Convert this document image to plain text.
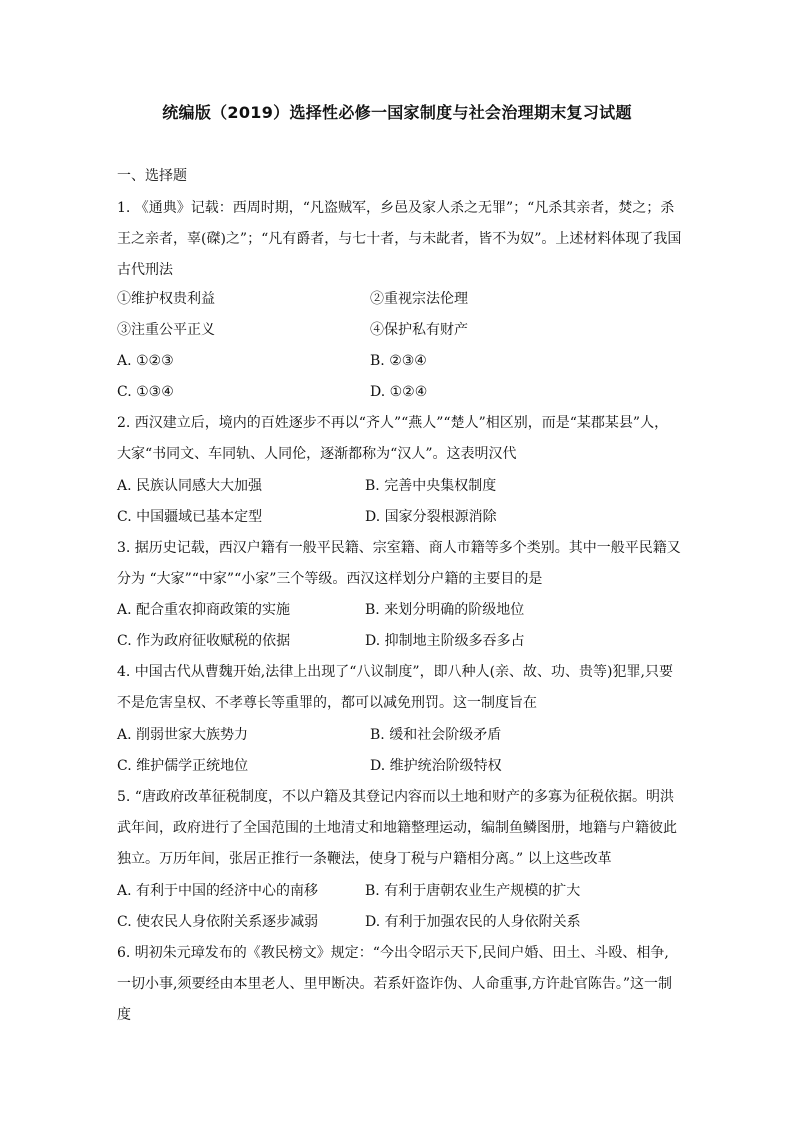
统编版（2019）选择性必修一国家制度与社会治理期末复习试题
一、选择题
1. 《通典》记载：西周时期，“凡盗贼军，乡邑及家人杀之无罪”；“凡杀其亲者，焚之；杀王之亲者，辜(磔)之”；“凡有爵者，与七十者，与未龀者，皆不为奴”。上述材料体现了我国古代刑法
①维护权贵利益	②重视宗法伦理
③注重公平正义	④保护私有财产
A. ①②③	B. ②③④
C. ①③④	D. ①②④
2. 西汉建立后，境内的百姓逐步不再以“齐人”“燕人”“楚人”相区别，而是“某郡某县”人，大家“书同文、车同轨、人同伦，逐渐都称为“汉人”。这表明汉代
A. 民族认同感大大加强	B. 完善中央集权制度
C. 中国疆域已基本定型	D. 国家分裂根源消除
3. 据历史记载，西汉户籍有一般平民籍、宗室籍、商人市籍等多个类别。其中一般平民籍又分为 “大家”“中家”“小家”三个等级。西汉这样划分户籍的主要目的是
A. 配合重农抑商政策的实施	B. 来划分明确的阶级地位
C. 作为政府征收赋税的依据	D. 抑制地主阶级多吞多占
4. 中国古代从曹魏开始,法律上出现了“八议制度”，即八种人(亲、故、功、贵等)犯罪,只要不是危害皇权、不孝尊长等重罪的，都可以减免刑罚。这一制度旨在
A. 削弱世家大族势力	B. 缓和社会阶级矛盾
C. 维护儒学正统地位	D. 维护统治阶级特权
5. “唐政府改革征税制度，不以户籍及其登记内容而以土地和财产的多寡为征税依据。明洪武年间，政府进行了全国范围的土地清丈和地籍整理运动，编制鱼鳞图册，地籍与户籍彼此独立。万历年间，张居正推行一条鞭法，使身丁税与户籍相分离。” 以上这些改革
A. 有利于中国的经济中心的南移	B. 有利于唐朝农业生产规模的扩大
C. 使农民人身依附关系逐步减弱	D. 有利于加强农民的人身依附关系
6. 明初朱元璋发布的《教民榜文》规定：“今出令昭示天下,民间户婚、田土、斗殴、相争,一切小事,须要经由本里老人、里甲断决。若系奸盗诈伪、人命重事,方许赴官陈告。”这一制度
